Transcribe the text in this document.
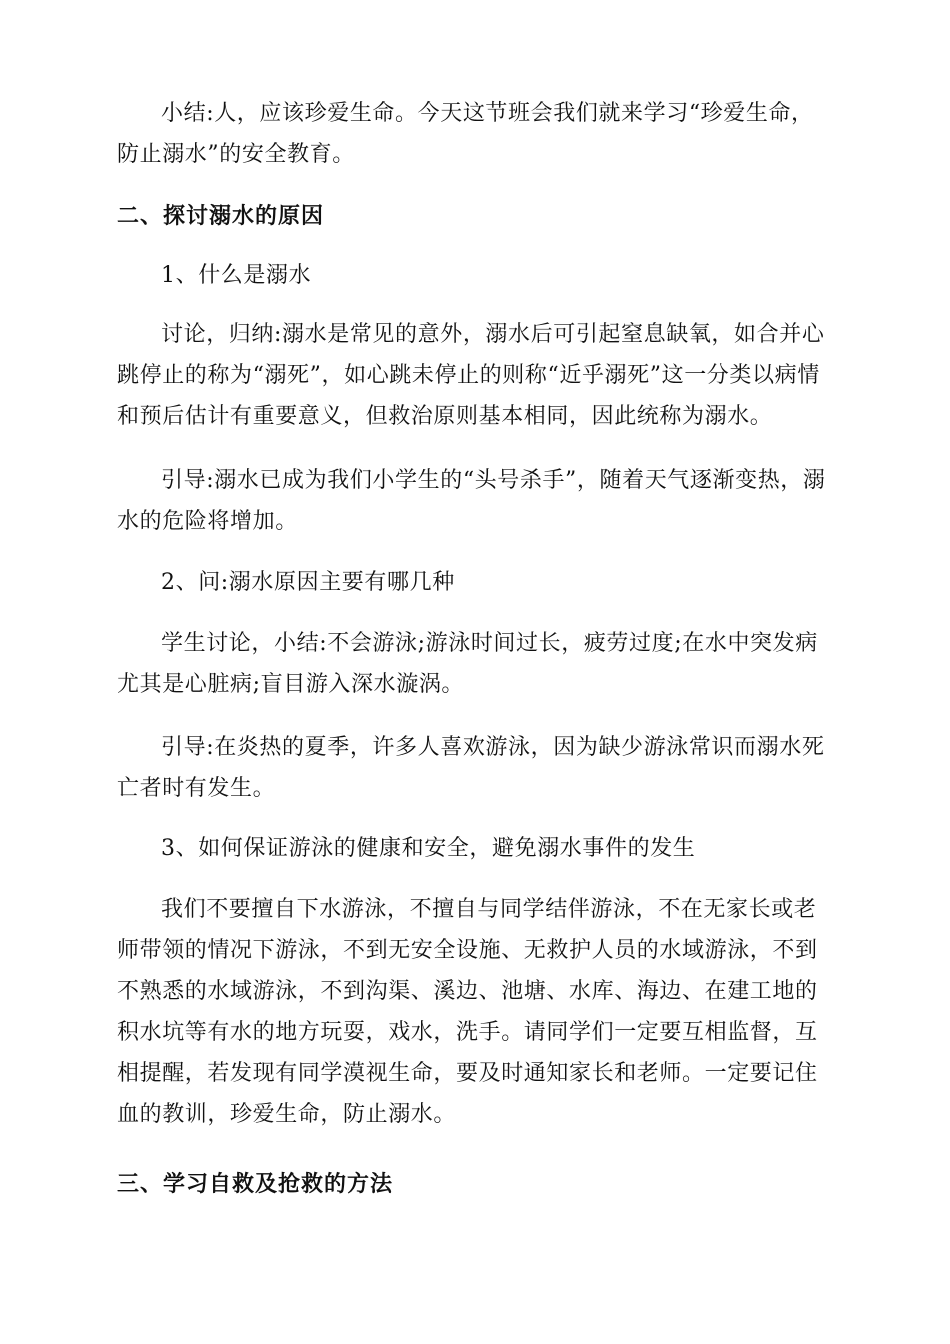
小结:人，应该珍爱生命。今天这节班会我们就来学习“珍爱生命，防止溺水”的安全教育。

二、探讨溺水的原因

1、什么是溺水

讨论，归纳:溺水是常见的意外，溺水后可引起窒息缺氧，如合并心跳停止的称为“溺死”，如心跳未停止的则称“近乎溺死”这一分类以病情和预后估计有重要意义，但救治原则基本相同，因此统称为溺水。

引导:溺水已成为我们小学生的“头号杀手”，随着天气逐渐变热，溺水的危险将增加。

2、问:溺水原因主要有哪几种

学生讨论，小结:不会游泳;游泳时间过长，疲劳过度;在水中突发病尤其是心脏病;盲目游入深水漩涡。

引导:在炎热的夏季，许多人喜欢游泳，因为缺少游泳常识而溺水死亡者时有发生。

3、如何保证游泳的健康和安全，避免溺水事件的发生

我们不要擅自下水游泳，不擅自与同学结伴游泳，不在无家长或老师带领的情况下游泳，不到无安全设施、无救护人员的水域游泳，不到不熟悉的水域游泳，不到沟渠、溪边、池塘、水库、海边、在建工地的积水坑等有水的地方玩耍，戏水，洗手。请同学们一定要互相监督，互相提醒，若发现有同学漠视生命，要及时通知家长和老师。一定要记住血的教训，珍爱生命，防止溺水。

三、学习自救及抢救的方法
